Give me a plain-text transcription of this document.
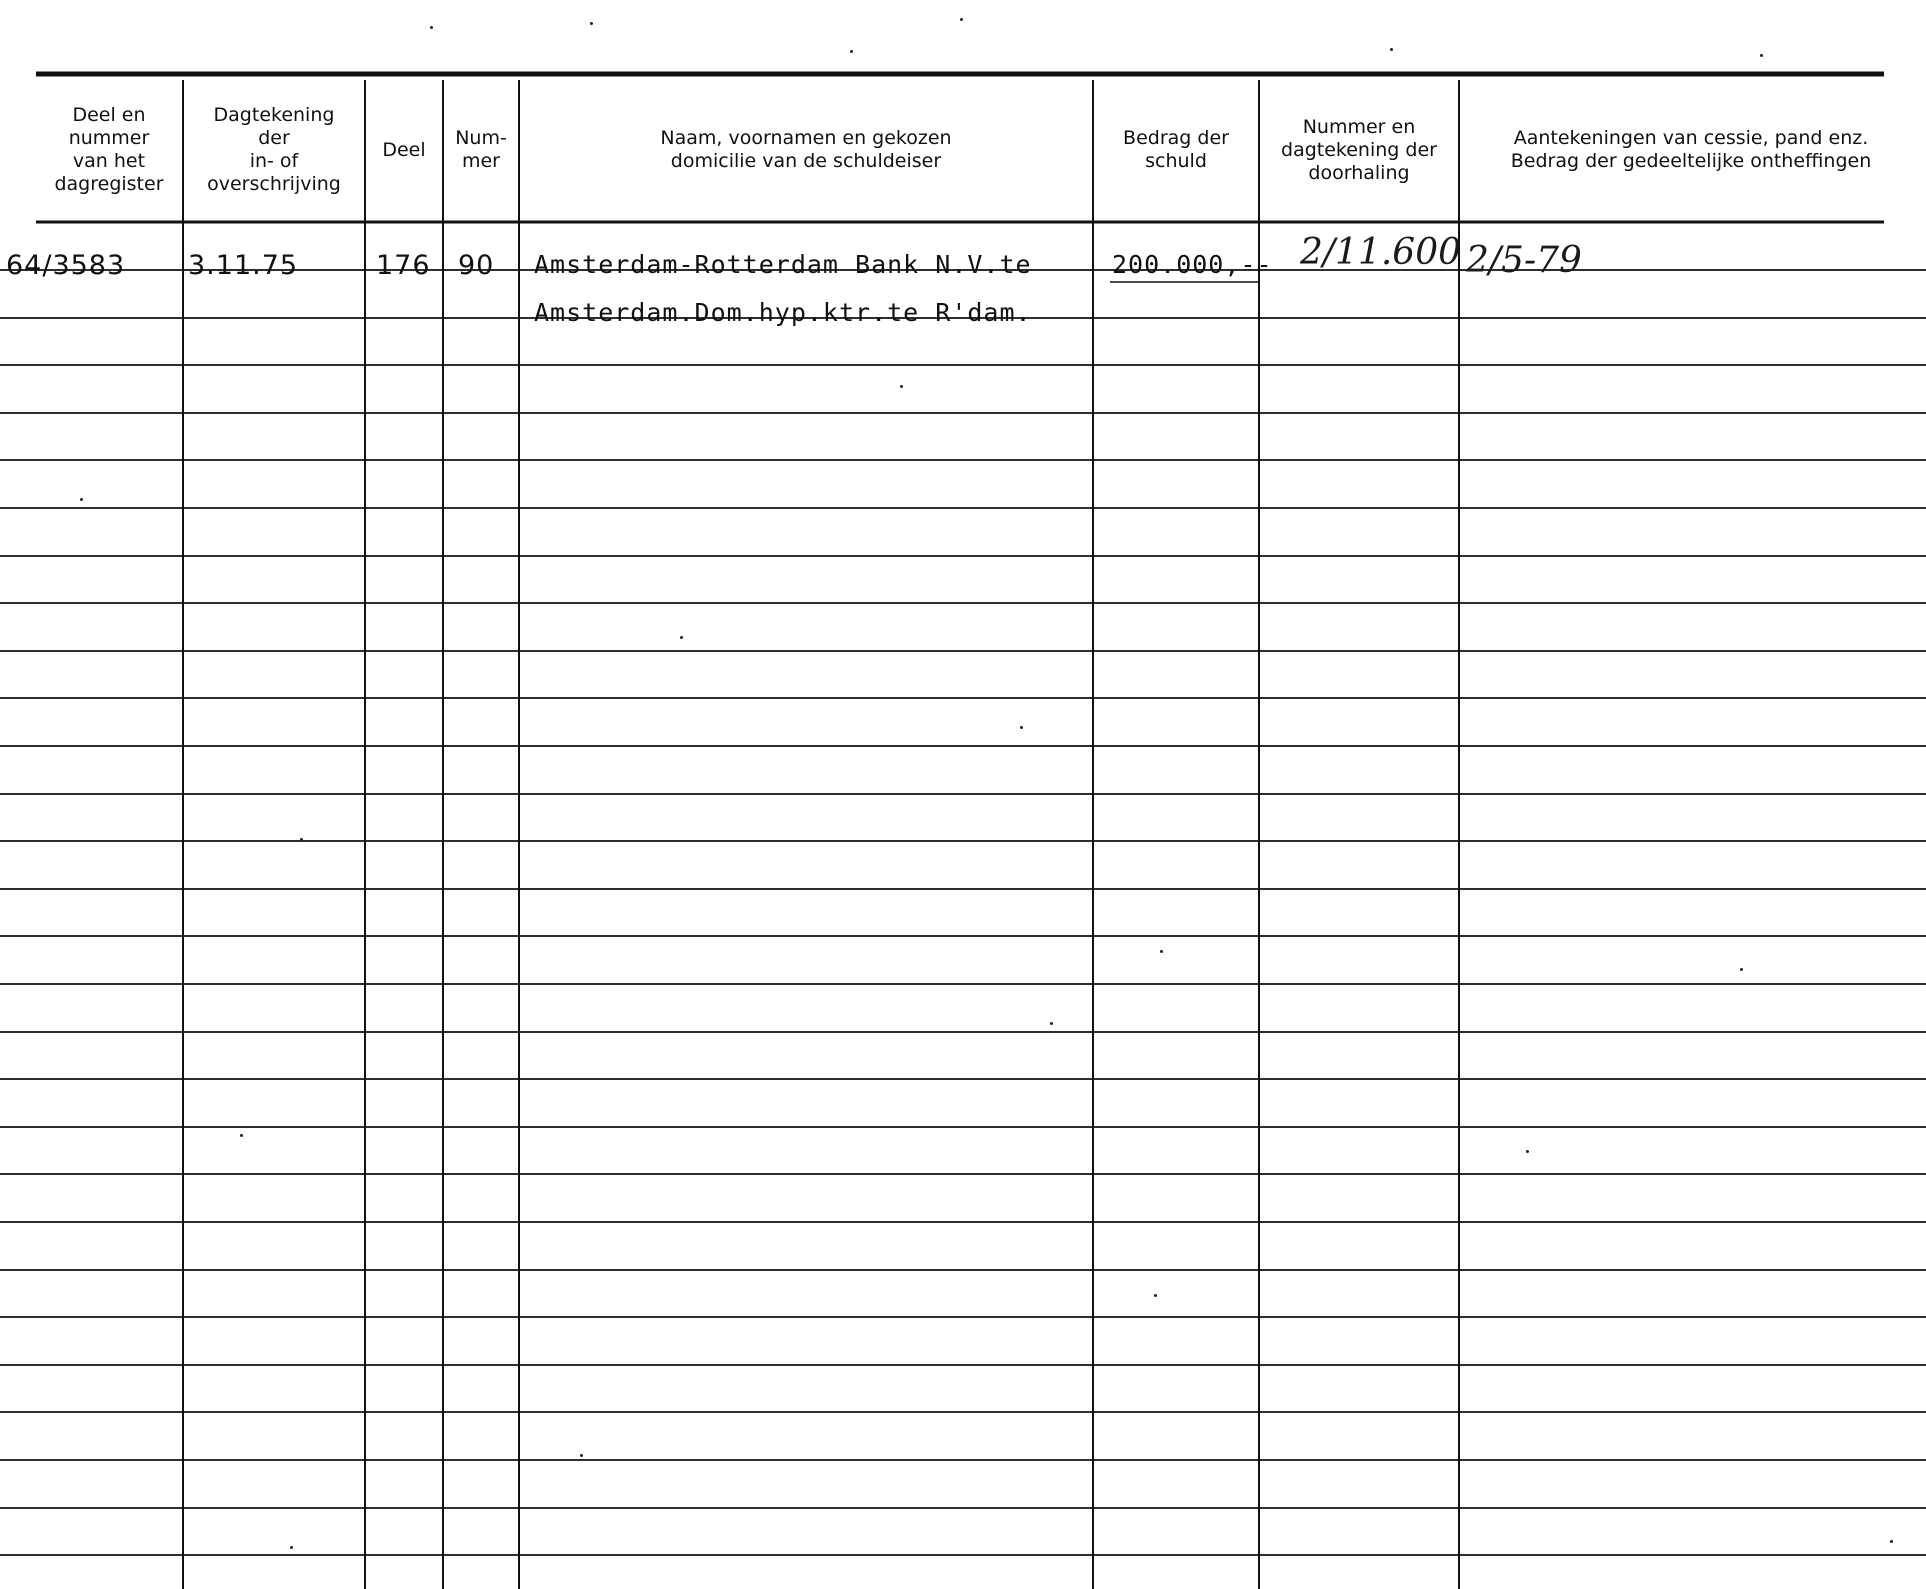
Deel en
nummer
van het
dagregister
Dagtekening
der
in- of
overschrijving
Deel
Num-
mer
Naam, voornamen en gekozen
domicilie van de schuldeiser
Bedrag der
schuld
Nummer en
dagtekening der
doorhaling
Aantekeningen van cessie, pand enz.
Bedrag der gedeeltelijke ontheffingen
64/3583 3.11.75	176 90 Amsterdam-Rotterdam Bank N.V.te
Amsterdam.Dom.hyp.ktr.te R'dam.
200.000,-- 2/11.600 2/5-79
